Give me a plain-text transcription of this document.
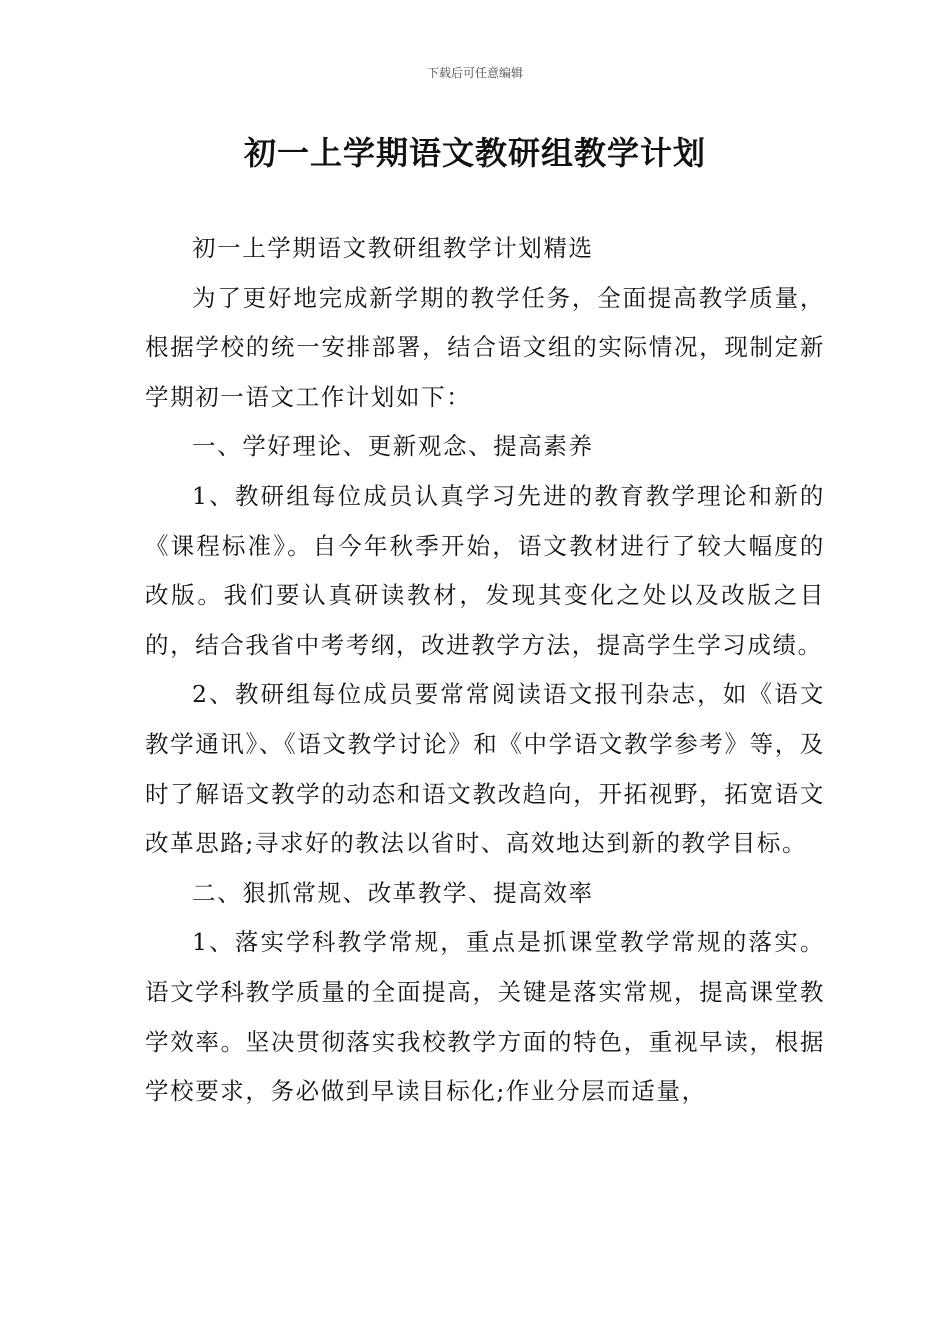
下载后可任意编辑
初一上学期语文教研组教学计划

初一上学期语文教研组教学计划精选

为了更好地完成新学期的教学任务，全面提高教学质量，根据学校的统一安排部署，结合语文组的实际情况，现制定新学期初一语文工作计划如下：

一、学好理论、更新观念、提高素养

1、教研组每位成员认真学习先进的教育教学理论和新的《课程标准》。自今年秋季开始，语文教材进行了较大幅度的改版。我们要认真研读教材，发现其变化之处以及改版之目的，结合我省中考考纲，改进教学方法，提高学生学习成绩。

2、教研组每位成员要常常阅读语文报刊杂志，如《语文教学通讯》、《语文教学讨论》和《中学语文教学参考》等，及时了解语文教学的动态和语文教改趋向，开拓视野，拓宽语文改革思路;寻求好的教法以省时、高效地达到新的教学目标。

二、狠抓常规、改革教学、提高效率

1、落实学科教学常规，重点是抓课堂教学常规的落实。语文学科教学质量的全面提高，关键是落实常规，提高课堂教学效率。坚决贯彻落实我校教学方面的特色，重视早读，根据学校要求，务必做到早读目标化;作业分层而适量，
